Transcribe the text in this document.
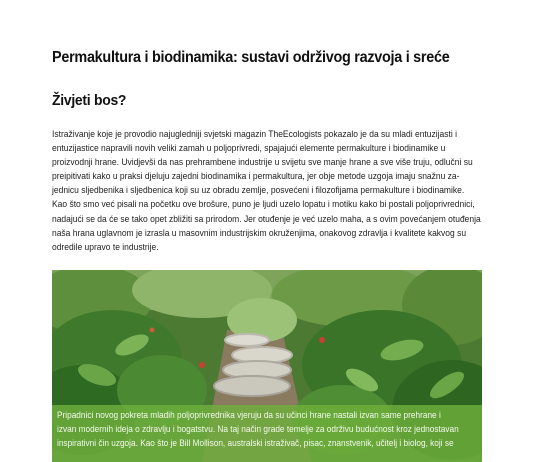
Permakultura i biodinamika: sustavi održivog razvoja i sreće
Živjeti bos?
Istraživanje koje je provodio najugledniji svjetski magazin TheEcologists pokazalo je da su mladi entuzijasti i
entuzijastice napravili novih veliki zamah u poljoprivredi, spajajući elemente permakulture i biodinamike u
proizvodnji hrane. Uvidjevši da nas prehrambene industrije u svijetu sve manje hrane a sve više truju, odlučni su
preipitivati kako u praksi djeluju zajedni biodinamika i permakultura, jer obje metode uzgoja imaju snažnu za-
jednicu sljedbenika i sljedbenica koji su uz obradu zemlje, posvećeni i filozofijama permakulture i biodinamike.
Kao što smo već pisali na početku ove brošure, puno je ljudi uzelo lopatu i motiku kako bi postali poljoprivrednici,
nadajući se da će se tako opet zbližiti sa prirodom. Jer otuđenje je već uzelo maha, a s ovim povećanjem otuđenja
naša hrana uglavnom je izrasla u masovnim industrijskim okruženjima, onakovog zdravlja i kvalitete kakvog su
odredile upravo te industrije.
Pripadnici novog pokreta mladih poljoprivrednika vjeruju da su učinci hrane nastali izvan same prehrane i
izvan modernih ideja o zdravlju i bogatstvu. Na taj način grade temelje za održivu budućnost kroz jednostavan
inspirativni čin uzgoja. Kao što je Bill Mollison, australski istraživač, pisac, znanstvenik, učitelj i biolog, koji se
